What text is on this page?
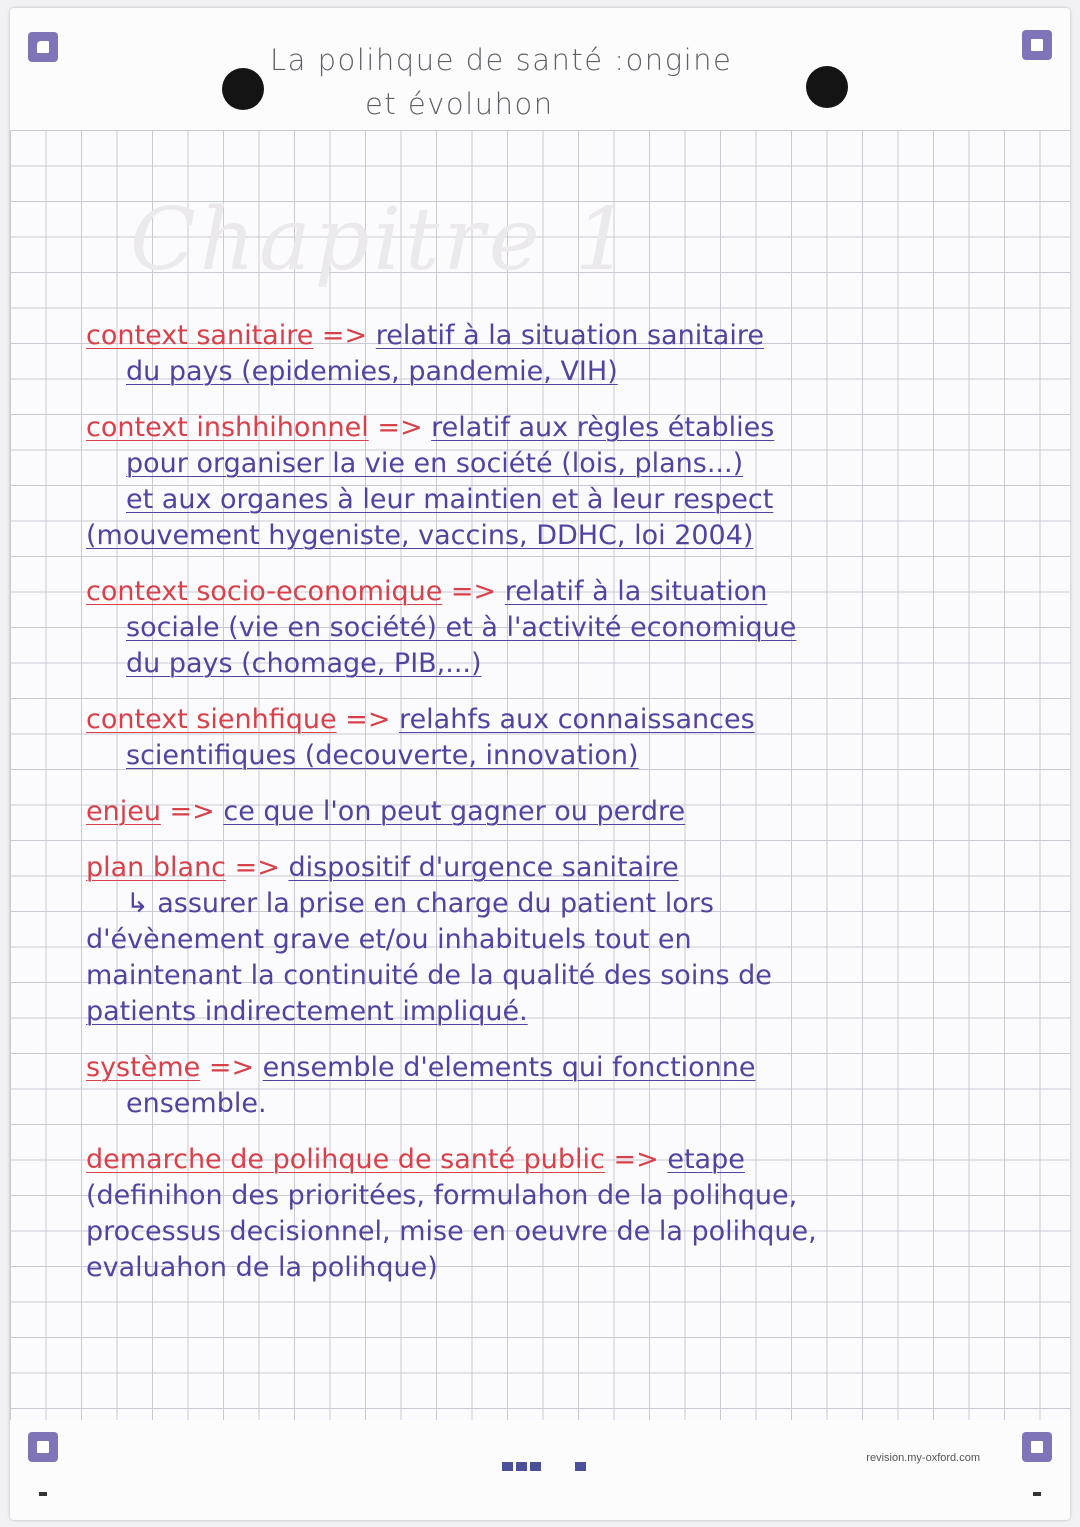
La polihque de santé :ongine
et évoluhon
Chapitre 1
context sanitaire => relatif à la situation sanitaire
du pays (epidemies, pandemie, VIH)
context inshhihonnel => relatif aux règles établies
pour organiser la vie en société (lois, plans...)
et aux organes à leur maintien et à leur respect
(mouvement hygeniste, vaccins, DDHC, loi 2004)
context socio-economique => relatif à la situation
sociale (vie en société) et à l'activité economique
du pays (chomage, PIB,...)
context sienhfique => relahfs aux connaissances
scientifiques (decouverte, innovation)
enjeu => ce que l'on peut gagner ou perdre
plan blanc => dispositif d'urgence sanitaire
↳ assurer la prise en charge du patient lors
d'évènement grave et/ou inhabituels tout en
maintenant la continuité de la qualité des soins de
patients indirectement impliqué.
système => ensemble d'elements qui fonctionne
ensemble.
demarche de polihque de santé public => etape
(definihon des prioritées, formulahon de la polihque,
processus decisionnel, mise en oeuvre de la polihque,
evaluahon de la polihque)
revision.my-oxford.com
